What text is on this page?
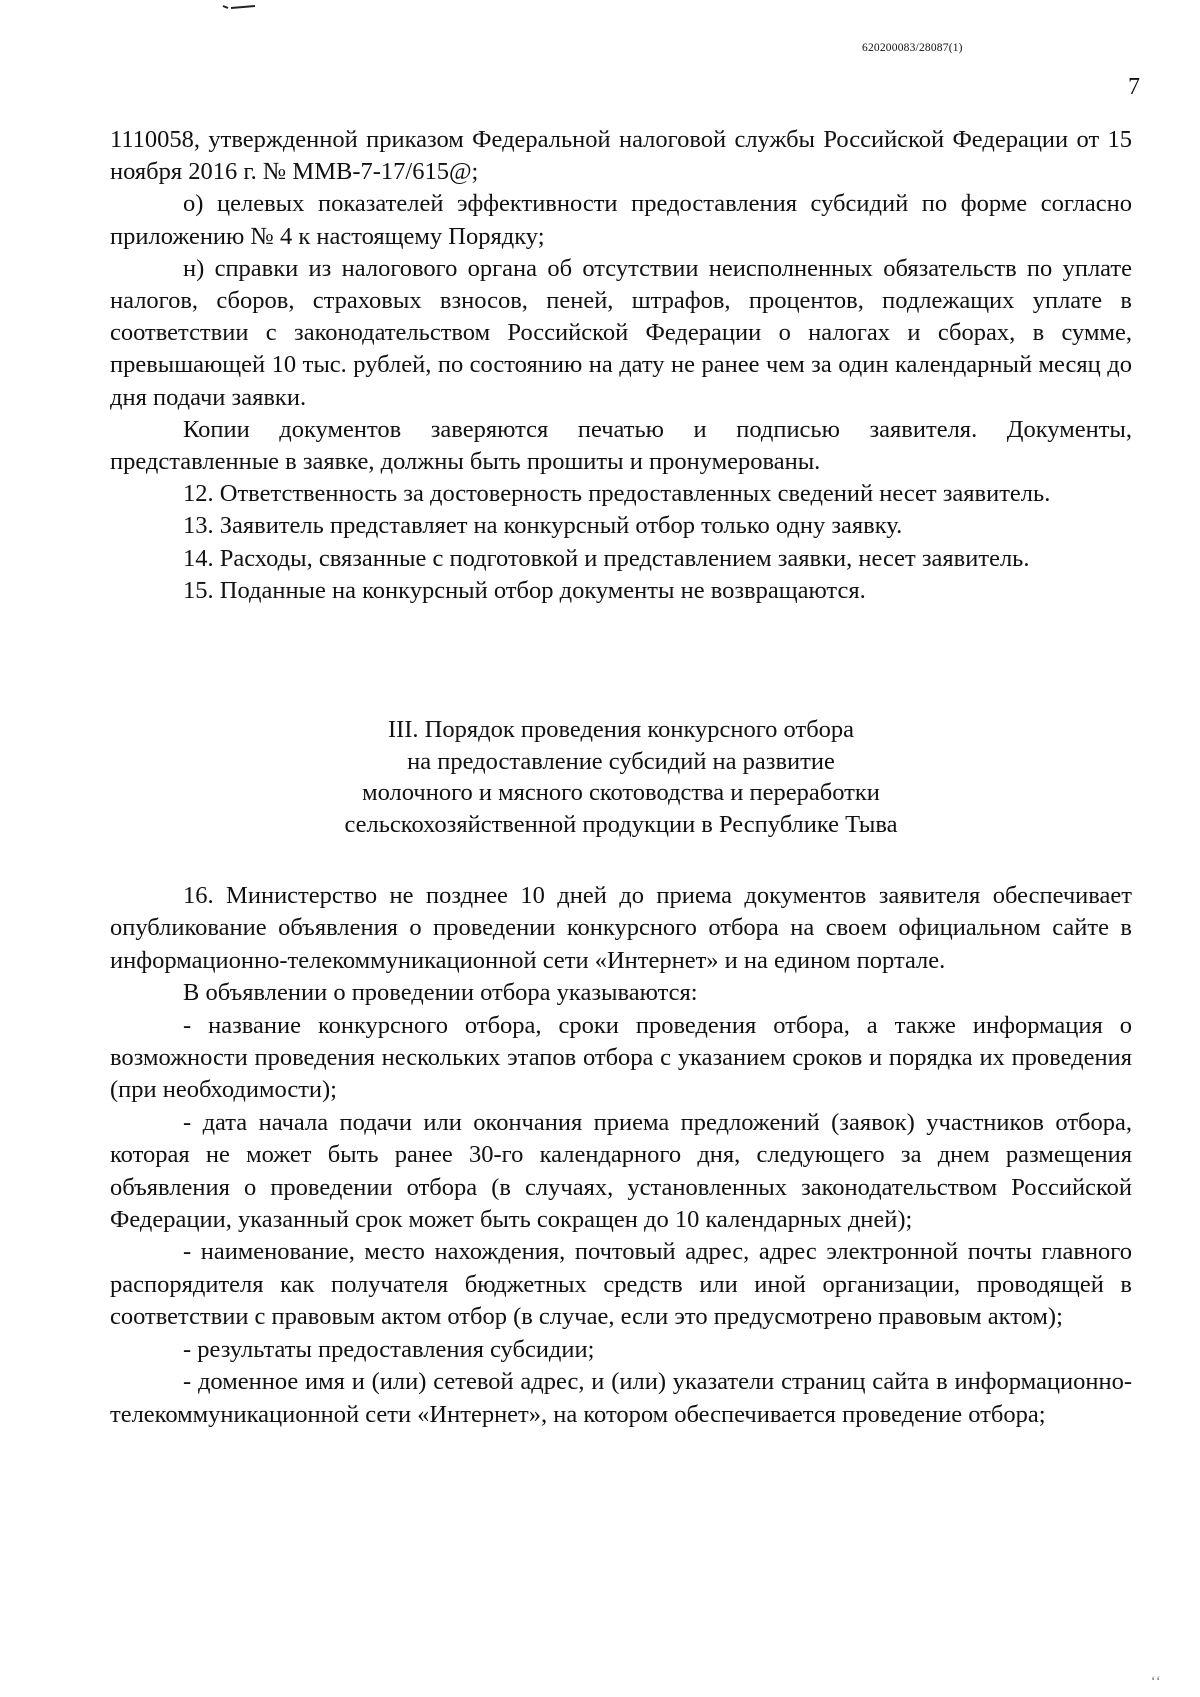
620200083/28087(1)
7

1110058, утвержденной приказом Федеральной налоговой службы Российской Федерации от 15 ноября 2016 г. № ММВ-7-17/615@;

о) целевых показателей эффективности предоставления субсидий по форме согласно приложению № 4 к настоящему Порядку;

н) справки из налогового органа об отсутствии неисполненных обязательств по уплате налогов, сборов, страховых взносов, пеней, штрафов, процентов, подлежащих уплате в соответствии с законодательством Российской Федерации о налогах и сборах, в сумме, превышающей 10 тыс. рублей, по состоянию на дату не ранее чем за один календарный месяц до дня подачи заявки.

Копии документов заверяются печатью и подписью заявителя. Документы, представленные в заявке, должны быть прошиты и пронумерованы.

12. Ответственность за достоверность предоставленных сведений несет заявитель.

13. Заявитель представляет на конкурсный отбор только одну заявку.

14. Расходы, связанные с подготовкой и представлением заявки, несет заявитель.

15. Поданные на конкурсный отбор документы не возвращаются.

III. Порядок проведения конкурсного отбора
на предоставление субсидий на развитие
молочного и мясного скотоводства и переработки
сельскохозяйственной продукции в Республике Тыва

16. Министерство не позднее 10 дней до приема документов заявителя обеспечивает опубликование объявления о проведении конкурсного отбора на своем официальном сайте в информационно-телекоммуникационной сети «Интернет» и на едином портале.

В объявлении о проведении отбора указываются:

- название конкурсного отбора, сроки проведения отбора, а также информация о возможности проведения нескольких этапов отбора с указанием сроков и порядка их проведения (при необходимости);

- дата начала подачи или окончания приема предложений (заявок) участников отбора, которая не может быть ранее 30-го календарного дня, следующего за днем размещения объявления о проведении отбора (в случаях, установленных законодательством Российской Федерации, указанный срок может быть сокращен до 10 календарных дней);

- наименование, место нахождения, почтовый адрес, адрес электронной почты главного распорядителя как получателя бюджетных средств или иной организации, проводящей в соответствии с правовым актом отбор (в случае, если это предусмотрено правовым актом);

- результаты предоставления субсидии;

- доменное имя и (или) сетевой адрес, и (или) указатели страниц сайта в информационно-телекоммуникационной сети «Интернет», на котором обеспечивается проведение отбора;

ʻʻ
